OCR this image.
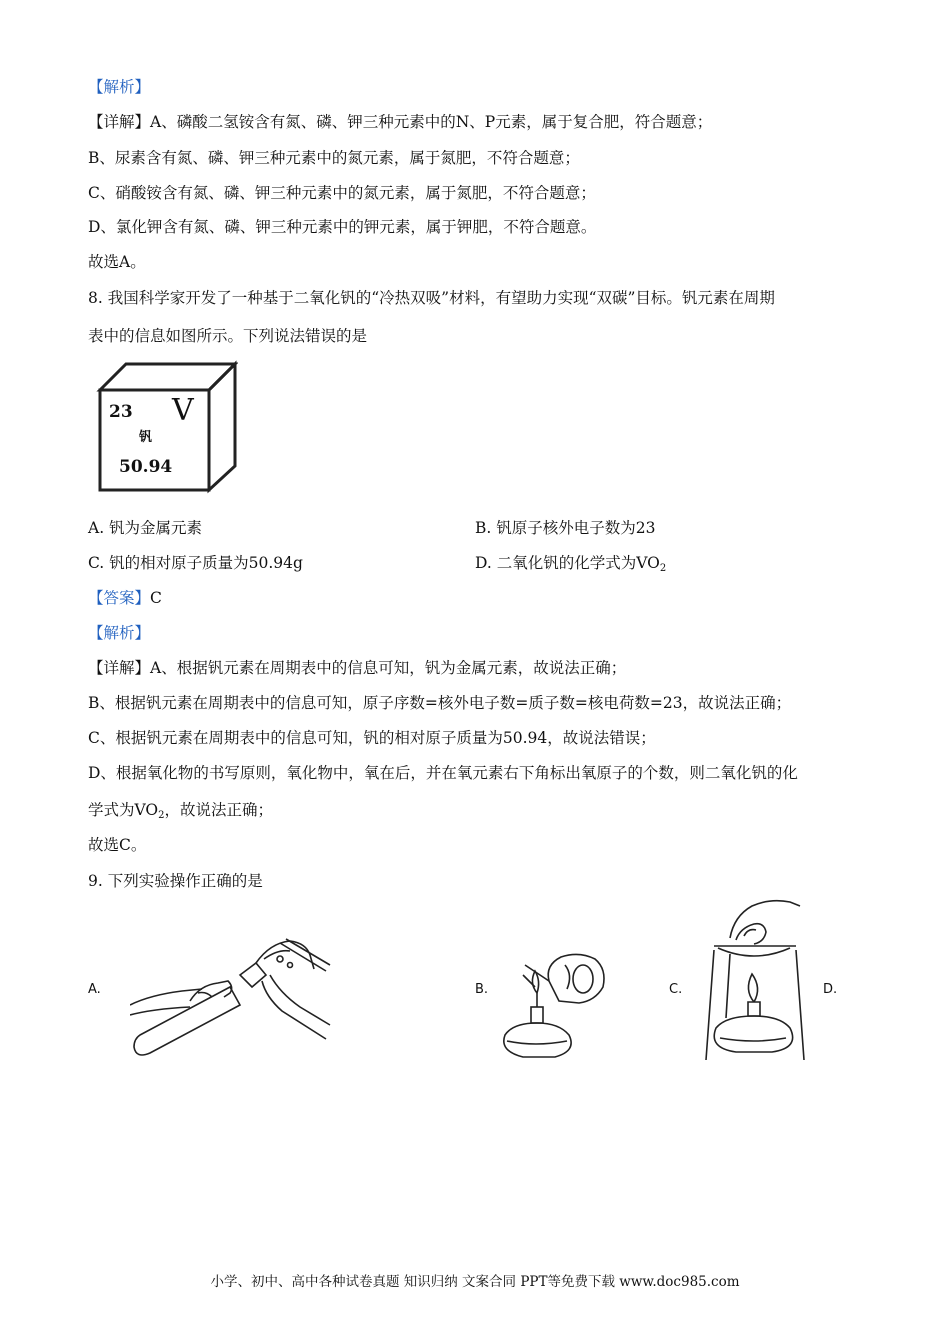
【解析】
【详解】A、磷酸二氢铵含有氮、磷、钾三种元素中的N、P元素，属于复合肥，符合题意；
B、尿素含有氮、磷、钾三种元素中的氮元素，属于氮肥，不符合题意；
C、硝酸铵含有氮、磷、钾三种元素中的氮元素，属于氮肥，不符合题意；
D、氯化钾含有氮、磷、钾三种元素中的钾元素，属于钾肥，不符合题意。
故选A。
8. 我国科学家开发了一种基于二氧化钒的“冷热双吸”材料，有望助力实现“双碳”目标。钒元素在周期
表中的信息如图所示。下列说法错误的是
23 V
钒
50.94
A. 钒为金属元素	B. 钒原子核外电子数为23
C. 钒的相对原子质量为50.94g	D. 二氧化钒的化学式为$VO_2$
【答案】C
【解析】
【详解】A、根据钒元素在周期表中的信息可知，钒为金属元素，故说法正确；
B、根据钒元素在周期表中的信息可知，原子序数=核外电子数=质子数=核电荷数=23，故说法正确；
C、根据钒元素在周期表中的信息可知，钒的相对原子质量为50.94，故说法错误；
D、根据氧化物的书写原则，氧化物中，氧在后，并在氧元素右下角标出氧原子的个数，则二氧化钒的化
学式为$VO_2$，故说法正确；
故选C。
9. 下列实验操作正确的是
A.	B.	C.	D.
小学、初中、高中各种试卷真题 知识归纳 文案合同 PPT等免费下载 www.doc985.com
